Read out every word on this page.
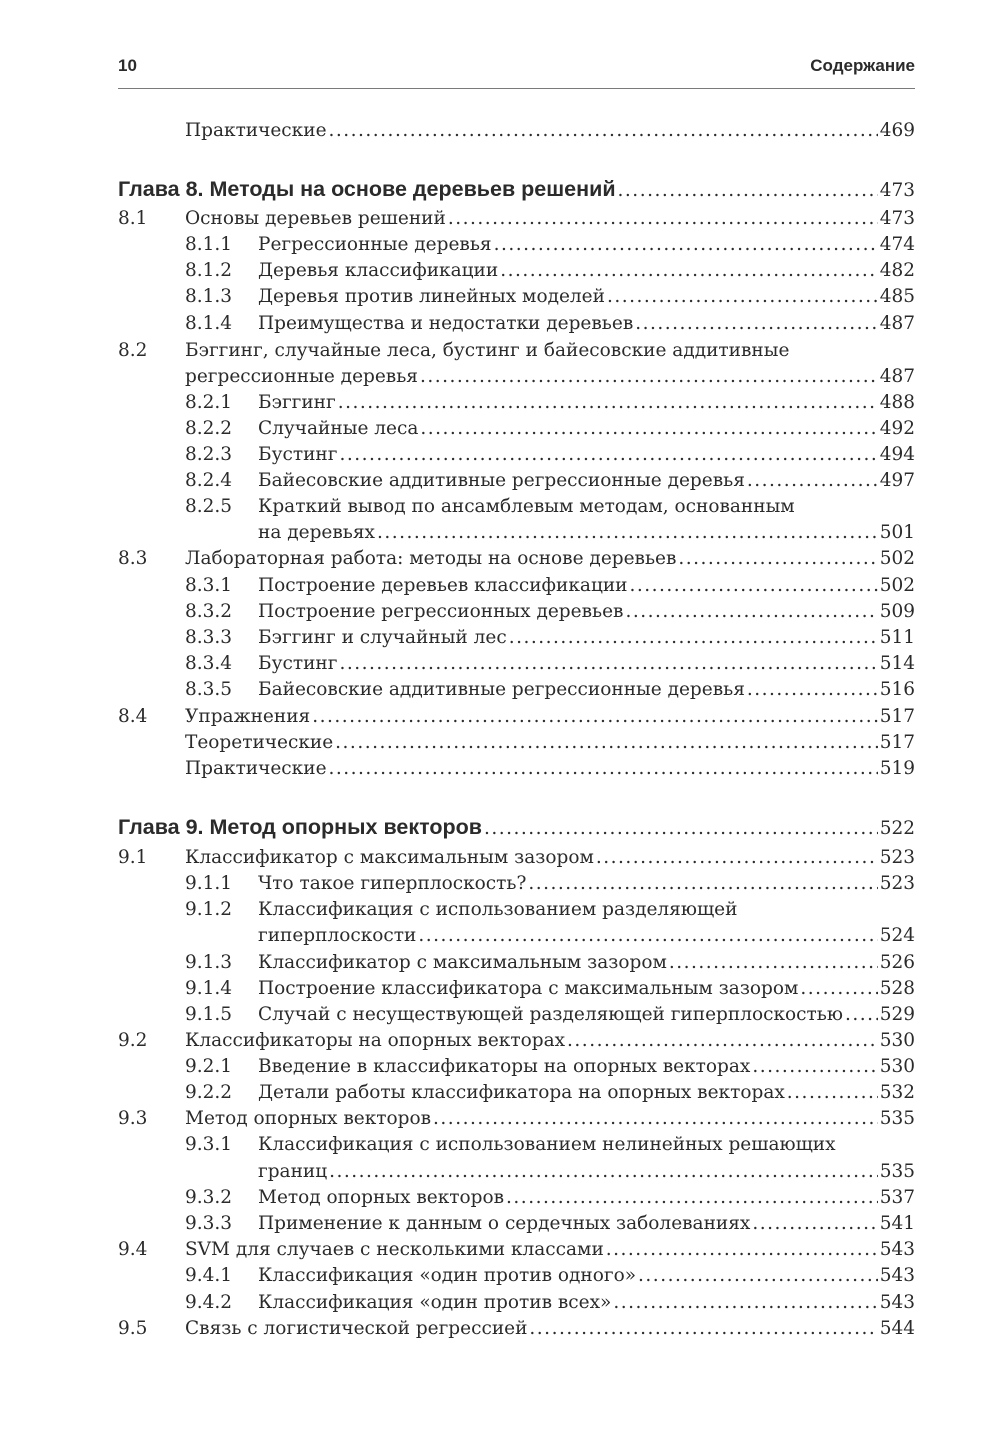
10	Содержание
Практические .....	469
Глава 8. Методы на основе деревьев решений .....	473
8.1 Основы деревьев решений .....	473
8.1.1 Регрессионные деревья .....	474
8.1.2 Деревья классификации .....	482
8.1.3 Деревья против линейных моделей .....	485
8.1.4 Преимущества и недостатки деревьев .....	487
8.2 Бэггинг, случайные леса, бустинг и байесовские аддитивные
регрессионные деревья .....	487
8.2.1 Бэггинг .....	488
8.2.2 Случайные леса .....	492
8.2.3 Бустинг .....	494
8.2.4 Байесовские аддитивные регрессионные деревья .....	497
8.2.5 Краткий вывод по ансамблевым методам, основанным
на деревьях .....	501
8.3 Лабораторная работа: методы на основе деревьев .....	502
8.3.1 Построение деревьев классификации .....	502
8.3.2 Построение регрессионных деревьев .....	509
8.3.3 Бэггинг и случайный лес .....	511
8.3.4 Бустинг .....	514
8.3.5 Байесовские аддитивные регрессионные деревья .....	516
8.4 Упражнения .....	517
Теоретические .....	517
Практические .....	519
Глава 9. Метод опорных векторов .....	522
9.1 Классификатор с максимальным зазором .....	523
9.1.1 Что такое гиперплоскость? .....	523
9.1.2 Классификация с использованием разделяющей
гиперплоскости .....	524
9.1.3 Классификатор с максимальным зазором .....	526
9.1.4 Построение классификатора с максимальным зазором .....	528
9.1.5 Случай с несуществующей разделяющей гиперплоскостью ..... 529
9.2 Классификаторы на опорных векторах .....	530
9.2.1 Введение в классификаторы на опорных векторах .....	530
9.2.2 Детали работы классификатора на опорных векторах .....	532
9.3 Метод опорных векторов .....	535
9.3.1 Классификация с использованием нелинейных решающих
границ .....	535
9.3.2 Метод опорных векторов .....	537
9.3.3 Применение к данным о сердечных заболеваниях .....	541
9.4 SVM для случаев с несколькими классами .....	543
9.4.1 Классификация «один против одного» .....	543
9.4.2 Классификация «один против всех» .....	543
9.5 Связь с логистической регрессией .....	544
